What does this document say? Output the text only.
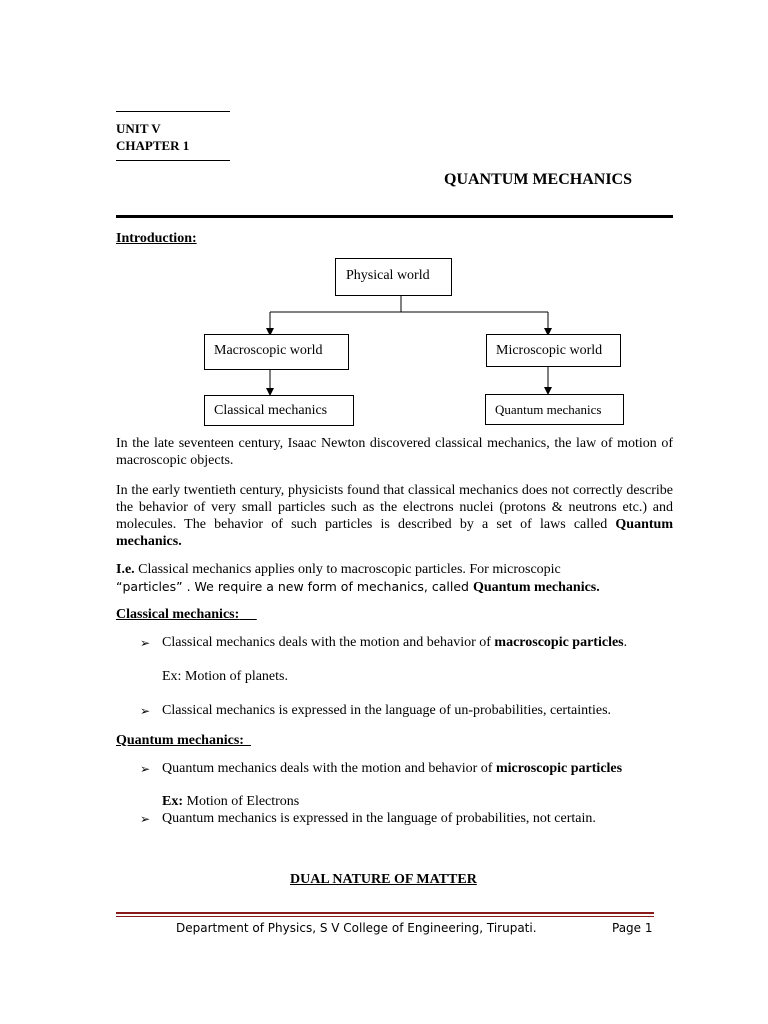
UNIT V
CHAPTER 1
QUANTUM MECHANICS
Introduction:
Physical world
Macroscopic world	Microscopic world
Classical mechanics	Quantum mechanics
In the late seventeen century, Isaac Newton discovered classical mechanics, the law of motion of macroscopic objects.
In the early twentieth century, physicists found that classical mechanics does not correctly describe the behavior of very small particles such as the electrons nuclei (protons & neutrons etc.) and molecules. The behavior of such particles is described by a set of laws called Quantum mechanics.
I.e. Classical mechanics applies only to macroscopic particles. For microscopic
“particles” . We require a new form of mechanics, called Quantum mechanics.
Classical mechanics:
➢ Classical mechanics deals with the motion and behavior of macroscopic particles.
Ex: Motion of planets.
➢ Classical mechanics is expressed in the language of un-probabilities, certainties.
Quantum mechanics:
➢ Quantum mechanics deals with the motion and behavior of microscopic particles
Ex: Motion of Electrons
➢ Quantum mechanics is expressed in the language of probabilities, not certain.
DUAL NATURE OF MATTER
Department of Physics, S V College of Engineering, Tirupati.	Page 1
